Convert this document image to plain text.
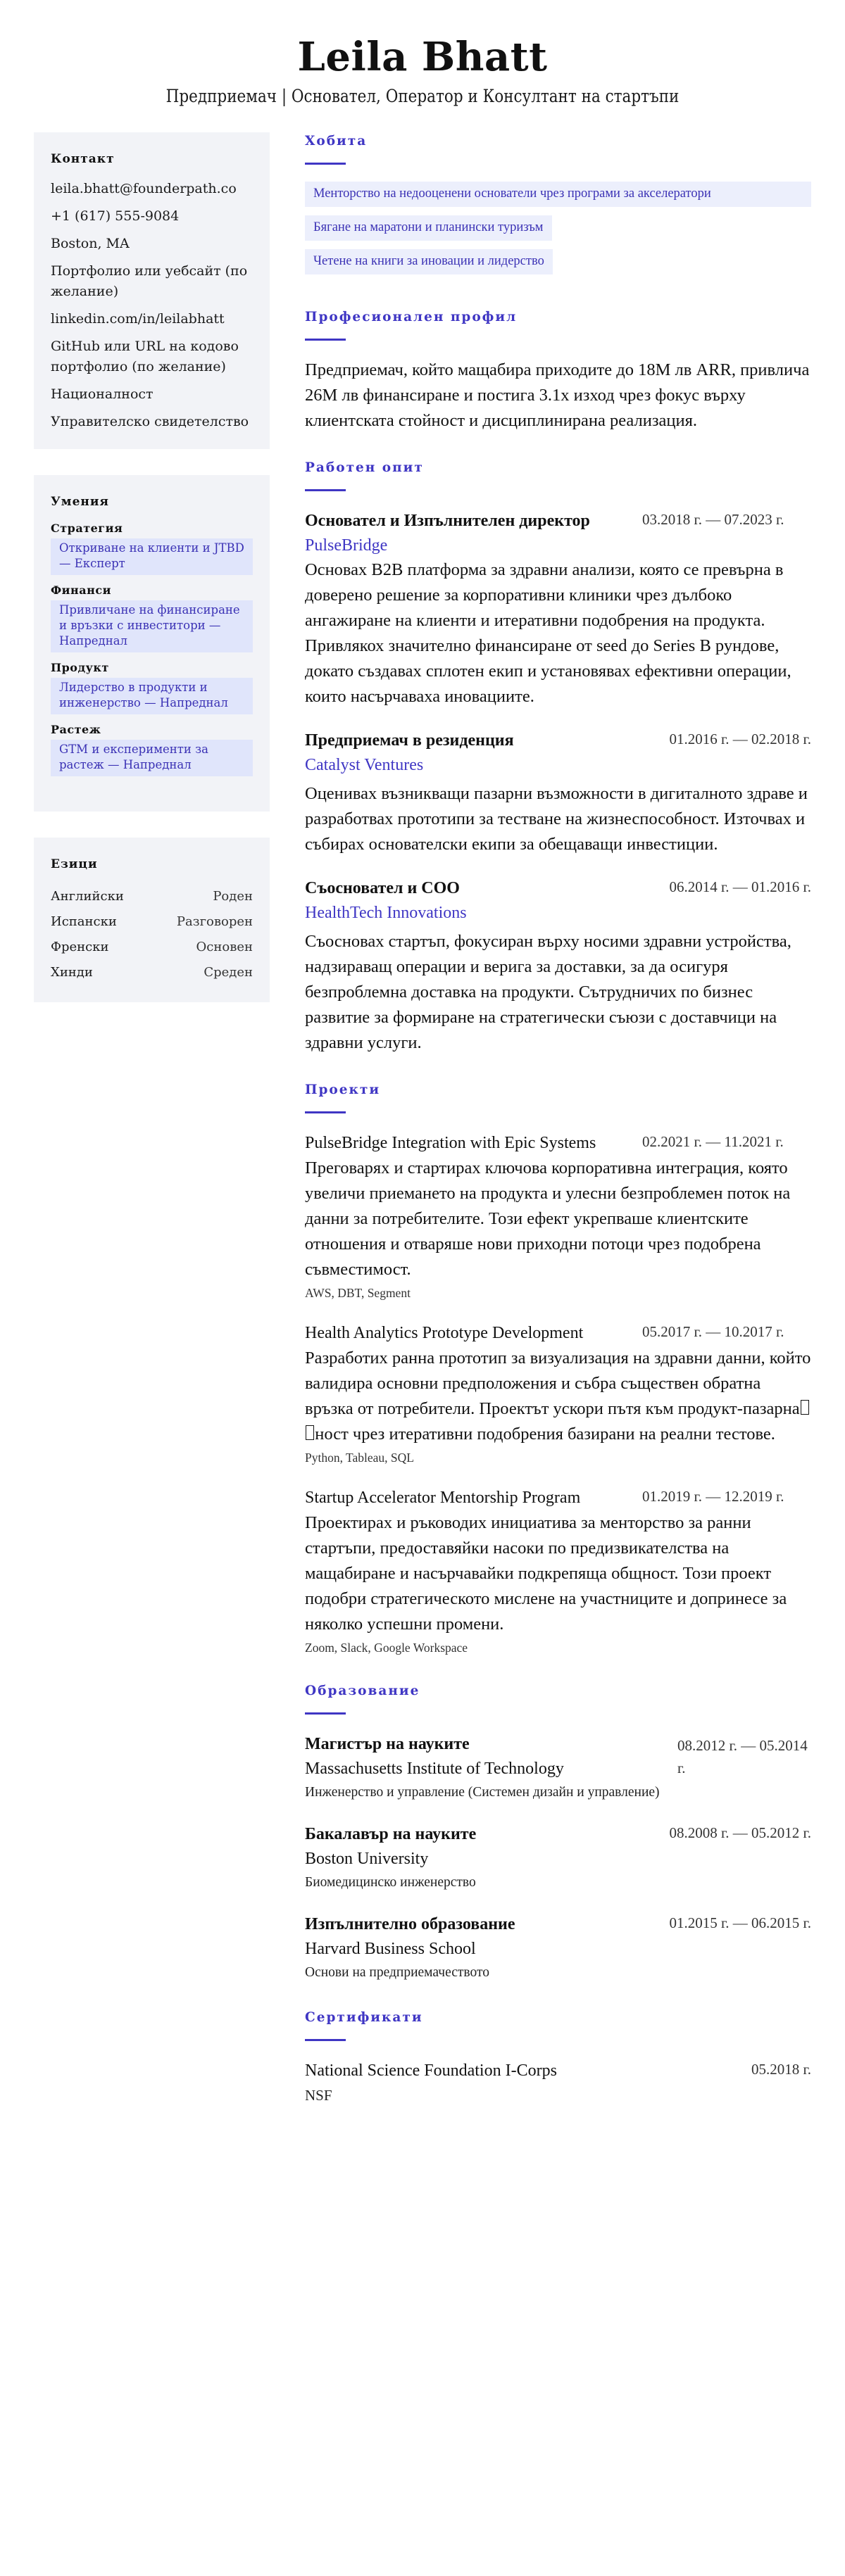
Leila Bhatt
Предприемач | Основател, Оператор и Консултант на стартъпи
Контакт
leila.bhatt@founderpath.co
+1 (617) 555-9084
Boston, MA
Портфолио или уебсайт (по желание)
linkedin.com/in/leilabhatt
GitHub или URL на кодово портфолио (по желание)
Националност
Управителско свидетелство
Умения
Стратегия
Откриване на клиенти и JTBD — Експерт
Финанси
Привличане на финансиране и връзки с инвеститори — Напреднал
Продукт
Лидерство в продукти и инженерство — Напреднал
Растеж
GTM и експерименти за растеж — Напреднал
Езици
Английски	Роден
Испански	Разговорен
Френски	Основен
Хинди	Среден
Хобита
Менторство на недооценени основатели чрез програми за акселератори
Бягане на маратони и планински туризъм
Четене на книги за иновации и лидерство
Професионален профил

Предприемач, който мащабира приходите до 18M лв ARR, привлича 26M лв финансиране и постига 3.1x изход чрез фокус върху клиентската стойност и дисциплинирана реализация.

Работен опит
Основател и Изпълнителен директор	03.2018 г. — 07.2023 г.
PulseBridge

Основах B2B платформа за здравни анализи, която се превърна в доверено решение за корпоративни клиники чрез дълбоко ангажиране на клиенти и итеративни подобрения на продукта. Привлякох значително финансиране от seed до Series B рундове, докато създавах сплотен екип и установявах ефективни операции, които насърчаваха иновациите.

Предприемач в резиденция	01.2016 г. — 02.2018 г.
Catalyst Ventures

Оценивах възникващи пазарни възможности в дигиталното здраве и разработвах прототипи за тестване на жизнеспособност. Източвах и събирах основателски екипи за обещаващи инвестиции.

Съосновател и COO	06.2014 г. — 01.2016 г.
HealthTech Innovations

Съосновах стартъп, фокусиран върху носими здравни устройства, надзираващ операции и верига за доставки, за да осигуря безпроблемна доставка на продукти. Сътрудничих по бизнес развитие за формиране на стратегически съюзи с доставчици на здравни услуги.

Проекти
PulseBridge Integration with Epic Systems	02.2021 г. — 11.2021 г.

Преговарях и стартирах ключова корпоративна интеграция, която увеличи приемането на продукта и улесни безпроблемен поток на данни за потребителите. Този ефект укрепваше клиентските отношения и отваряше нови приходни потоци чрез подобрена съвместимост.

AWS, DBT, Segment
Health Analytics Prototype Development	05.2017 г. — 10.2017 г.

Разработих ранна прототип за визуализация на здравни данни, който валидира основни предположения и събра съществен обратна връзка от потребители. Проектът ускори пътя към продукт-пазарнаност чрез итеративни подобрения базирани на реални тестове.

Python, Tableau, SQL
Startup Accelerator Mentorship Program	01.2019 г. — 12.2019 г.

Проектирах и ръководих инициатива за менторство за ранни стартъпи, предоставяйки насоки по предизвикателства на мащабиране и насърчавайки подкрепяща общност. Този проект подобри стратегическото мислене на участниците и допринесе за няколко успешни промени.

Zoom, Slack, Google Workspace
Образование
Магистър на науките
Massachusetts Institute of Technology
Инженерство и управление (Системен дизайн и управление)
08.2012 г. — 05.2014 г.
Бакалавър на науките
Boston University
Биомедицинско инженерство
08.2008 г. — 05.2012 г.
Изпълнително образование
Harvard Business School
Основи на предприемачеството
01.2015 г. — 06.2015 г.
Сертификати
National Science Foundation I-Corps	05.2018 г.
NSF
